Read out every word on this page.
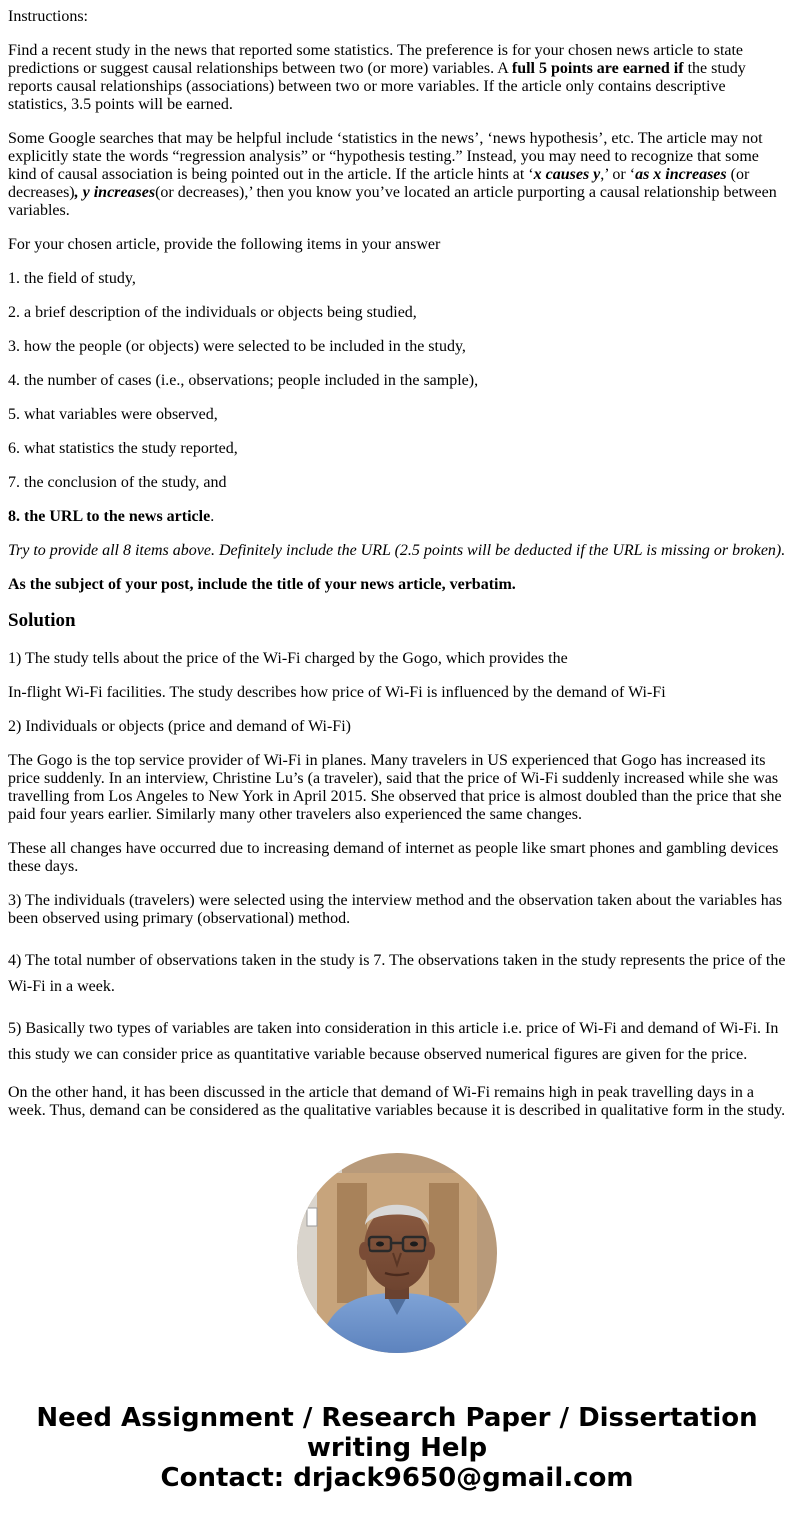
Instructions:

Find a recent study in the news that reported some statistics. The preference is for your chosen news article to state predictions or suggest causal relationships between two (or more) variables. A full 5 points are earned if the study reports causal relationships (associations) between two or more variables. If the article only contains descriptive statistics, 3.5 points will be earned.

Some Google searches that may be helpful include ‘statistics in the news’, ‘news hypothesis’, etc. The article may not explicitly state the words “regression analysis” or “hypothesis testing.” Instead, you may need to recognize that some kind of causal association is being pointed out in the article. If the article hints at ‘x causes y,’ or ‘as x increases (or decreases), y increases(or decreases),’ then you know you’ve located an article purporting a causal relationship between variables.

For your chosen article, provide the following items in your answer

1. the field of study,

2. a brief description of the individuals or objects being studied,

3. how the people (or objects) were selected to be included in the study,

4. the number of cases (i.e., observations; people included in the sample),

5. what variables were observed,

6. what statistics the study reported,

7. the conclusion of the study, and

8. the URL to the news article.

Try to provide all 8 items above. Definitely include the URL (2.5 points will be deducted if the URL is missing or broken).

As the subject of your post, include the title of your news article, verbatim.

Solution

1) The study tells about the price of the Wi-Fi charged by the Gogo, which provides the

In-flight Wi-Fi facilities. The study describes how price of Wi-Fi is influenced by the demand of Wi-Fi

2) Individuals or objects (price and demand of Wi-Fi)

The Gogo is the top service provider of Wi-Fi in planes. Many travelers in US experienced that Gogo has increased its price suddenly. In an interview, Christine Lu’s (a traveler), said that the price of Wi-Fi suddenly increased while she was travelling from Los Angeles to New York in April 2015. She observed that price is almost doubled than the price that she paid four years earlier. Similarly many other travelers also experienced the same changes.

These all changes have occurred due to increasing demand of internet as people like smart phones and gambling devices these days.

3) The individuals (travelers) were selected using the interview method and the observation taken about the variables has been observed using primary (observational) method.

4) The total number of observations taken in the study is 7. The observations taken in the study represents the price of the Wi-Fi in a week.

5) Basically two types of variables are taken into consideration in this article i.e. price of Wi-Fi and demand of Wi-Fi. In this study we can consider price as quantitative variable because observed numerical figures are given for the price.

On the other hand, it has been discussed in the article that demand of Wi-Fi remains high in peak travelling days in a week. Thus, demand can be considered as the qualitative variables because it is described in qualitative form in the study.

Need Assignment / Research Paper / Dissertation writing Help
Contact: drjack9650@gmail.com
